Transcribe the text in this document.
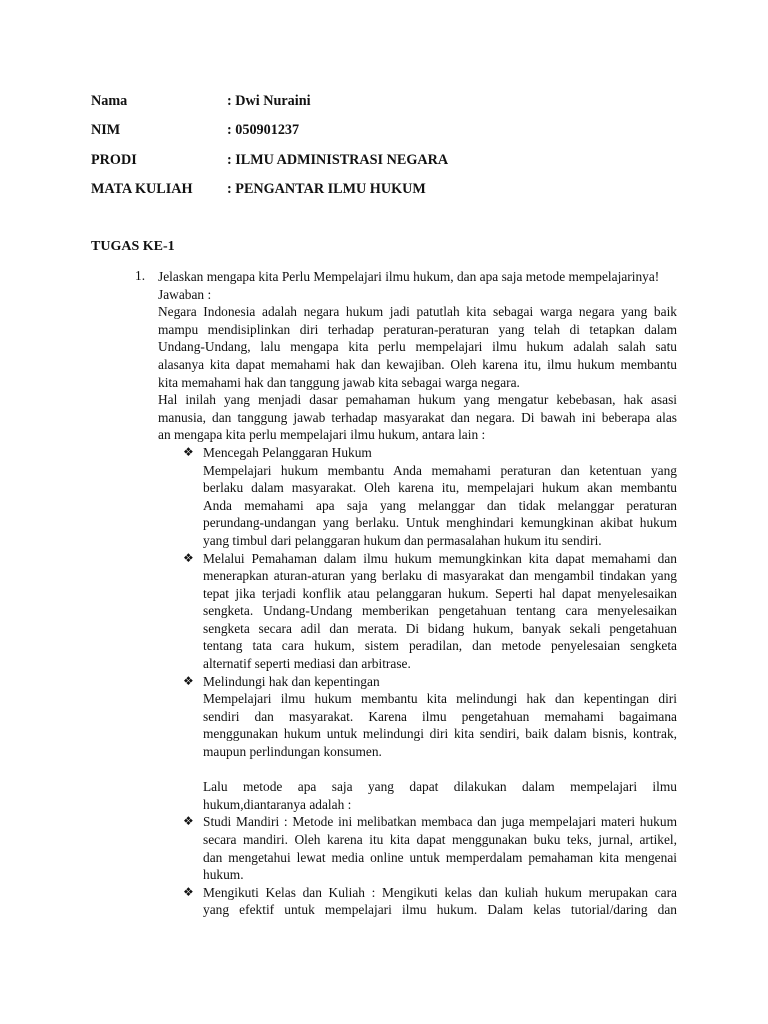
Nama	: Dwi Nuraini
NIM	: 050901237
PRODI	: ILMU ADMINISTRASI NEGARA
MATA KULIAH : PENGANTAR ILMU HUKUM
TUGAS KE-1
1. Jelaskan mengapa kita Perlu Mempelajari ilmu hukum, dan apa saja metode mempelajarinya!
Jawaban :
Negara Indonesia adalah negara hukum jadi patutlah kita sebagai warga negara yang baik
mampu mendisiplinkan diri terhadap peraturan-peraturan yang telah di tetapkan dalam
Undang-Undang, lalu mengapa kita perlu mempelajari ilmu hukum adalah salah satu
alasanya kita dapat memahami hak dan kewajiban. Oleh karena itu, ilmu hukum membantu
kita memahami hak dan tanggung jawab kita sebagai warga negara.
Hal inilah yang menjadi dasar pemahaman hukum yang mengatur kebebasan, hak asasi
manusia, dan tanggung jawab terhadap masyarakat dan negara. Di bawah ini beberapa alas
an mengapa kita perlu mempelajari ilmu hukum, antara lain :
❖ Mencegah Pelanggaran Hukum
Mempelajari hukum membantu Anda memahami peraturan dan ketentuan yang
berlaku dalam masyarakat. Oleh karena itu, mempelajari hukum akan membantu
Anda memahami apa saja yang melanggar dan tidak melanggar peraturan
perundang-undangan yang berlaku. Untuk menghindari kemungkinan akibat hukum
yang timbul dari pelanggaran hukum dan permasalahan hukum itu sendiri.
❖ Melalui Pemahaman dalam ilmu hukum memungkinkan kita dapat memahami dan
menerapkan aturan-aturan yang berlaku di masyarakat dan mengambil tindakan yang
tepat jika terjadi konflik atau pelanggaran hukum. Seperti hal dapat menyelesaikan
sengketa. Undang-Undang memberikan pengetahuan tentang cara menyelesaikan
sengketa secara adil dan merata. Di bidang hukum, banyak sekali pengetahuan
tentang tata cara hukum, sistem peradilan, dan metode penyelesaian sengketa
alternatif seperti mediasi dan arbitrase.
❖ Melindungi hak dan kepentingan
Mempelajari ilmu hukum membantu kita melindungi hak dan kepentingan diri
sendiri dan masyarakat. Karena ilmu pengetahuan memahami bagaimana
menggunakan hukum untuk melindungi diri kita sendiri, baik dalam bisnis, kontrak,
maupun perlindungan konsumen.
Lalu metode apa saja yang dapat dilakukan dalam mempelajari ilmu
hukum,diantaranya adalah :
❖ Studi Mandiri : Metode ini melibatkan membaca dan juga mempelajari materi hukum
secara mandiri. Oleh karena itu kita dapat menggunakan buku teks, jurnal, artikel,
dan mengetahui lewat media online untuk memperdalam pemahaman kita mengenai
hukum.
❖ Mengikuti Kelas dan Kuliah : Mengikuti kelas dan kuliah hukum merupakan cara
yang efektif untuk mempelajari ilmu hukum. Dalam kelas tutorial/daring dan
